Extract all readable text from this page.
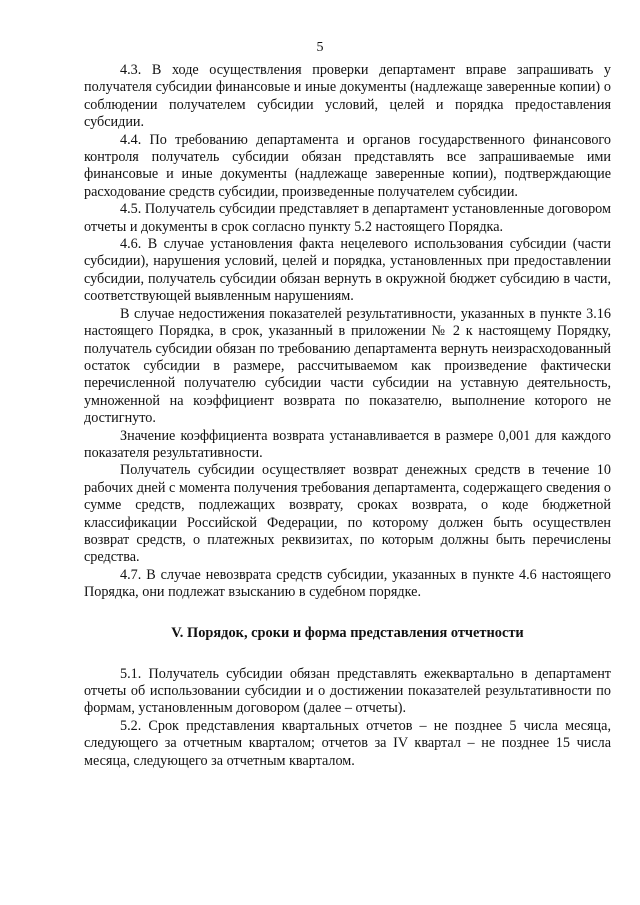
5

4.3. В ходе осуществления проверки департамент вправе запрашивать у получателя субсидии финансовые и иные документы (надлежаще заверенные копии) о соблюдении получателем субсидии условий, целей и порядка предоставления субсидии.

4.4. По требованию департамента и органов государственного финансового контроля получатель субсидии обязан представлять все запрашиваемые ими финансовые и иные документы (надлежаще заверенные копии), подтверждающие расходование средств субсидии, произведенные получателем субсидии.

4.5. Получатель субсидии представляет в департамент установленные договором отчеты и документы в срок согласно пункту 5.2 настоящего Порядка.

4.6. В случае установления факта нецелевого использования субсидии (части субсидии), нарушения условий, целей и порядка, установленных при предоставлении субсидии, получатель субсидии обязан вернуть в окружной бюджет субсидию в части, соответствующей выявленным нарушениям.

В случае недостижения показателей результативности, указанных в пункте 3.16 настоящего Порядка, в срок, указанный в приложении № 2 к настоящему Порядку, получатель субсидии обязан по требованию департамента вернуть неизрасходованный остаток субсидии в размере, рассчитываемом как произведение фактически перечисленной получателю субсидии части субсидии на уставную деятельность, умноженной на коэффициент возврата по показателю, выполнение которого не достигнуто.

Значение коэффициента возврата устанавливается в размере 0,001 для каждого показателя результативности.

Получатель субсидии осуществляет возврат денежных средств в течение 10 рабочих дней с момента получения требования департамента, содержащего сведения о сумме средств, подлежащих возврату, сроках возврата, о коде бюджетной классификации Российской Федерации, по которому должен быть осуществлен возврат средств, о платежных реквизитах, по которым должны быть перечислены средства.

4.7. В случае невозврата средств субсидии, указанных в пункте 4.6 настоящего Порядка, они подлежат взысканию в судебном порядке.

V. Порядок, сроки и форма представления отчетности

5.1. Получатель субсидии обязан представлять ежеквартально в департамент отчеты об использовании субсидии и о достижении показателей результативности по формам, установленным договором (далее – отчеты).

5.2. Срок представления квартальных отчетов – не позднее 5 числа месяца, следующего за отчетным кварталом; отчетов за IV квартал – не позднее 15 числа месяца, следующего за отчетным кварталом.
